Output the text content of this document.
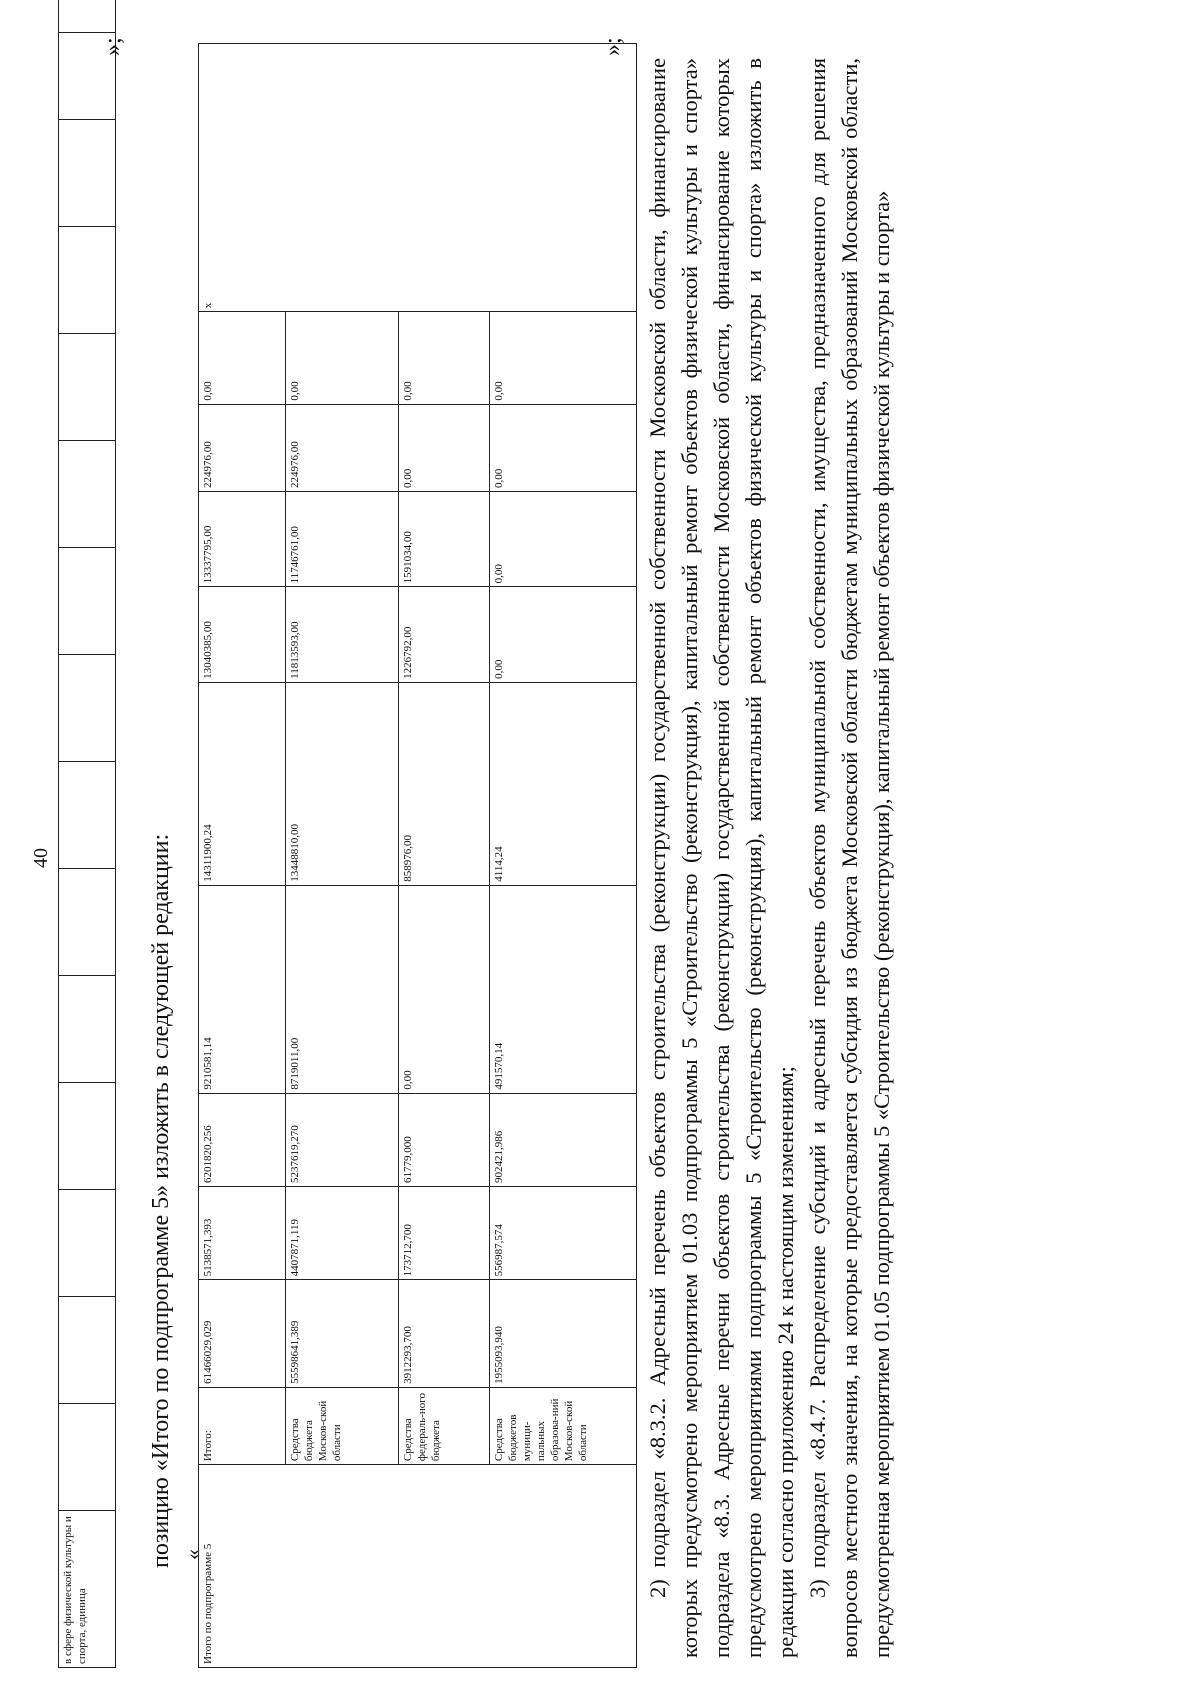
40
в сфере физической культуры и спорта, единица															
»;
позицию «Итого по подпрограмме 5» изложить в следующей редакции: «
Итого по подпрограмме 5	Итого:	61466029,029	5138571,393	6201820,256	9210581,14	14311900,24	13040385,00	13337795,00	224976,00	0,00	x
	Средства бюджета Москов-ской области	55598641,389	4407871,119	5237619,270	8719011,00	13448810,00	11813593,00	11746761,00	224976,00	0,00	
	Средства федераль-ного бюджета	3912293,700	173712,700	61779,000	0,00	858976,00	1226792,00	1591034,00	0,00	0,00	
	Средства бюджетов муници-пальных образова-ний Москов-ской области	1955093,940	556987,574	902421,986	491570,14	4114,24	0,00	0,00	0,00	0,00	
»;

2) подраздел «8.3.2. Адресный перечень объектов строительства (реконструкции) государственной собственности Московской области, финансирование которых предусмотрено мероприятием 01.03 подпрограммы 5 «Строительство (реконструкция), капитальный ремонт объектов физической культуры и спорта» подраздела «8.3. Адресные перечни объектов строительства (реконструкции) государственной собственности Московской области, финансирование которых предусмотрено мероприятиями подпрограммы 5 «Строительство (реконструкция), капитальный ремонт объектов физической культуры и спорта» изложить в редакции согласно приложению 24 к настоящим изменениям; 3) подраздел «8.4.7. Распределение субсидий и адресный перечень объектов муниципальной собственности, имущества, предназначенного для решения вопросов местного значения, на которые предоставляется субсидия из бюджета Московской области бюджетам муниципальных образований Московской области, предусмотренная мероприятием 01.05 подпрограммы 5 «Строительство (реконструкция), капитальный ремонт объектов физической культуры и спорта»
